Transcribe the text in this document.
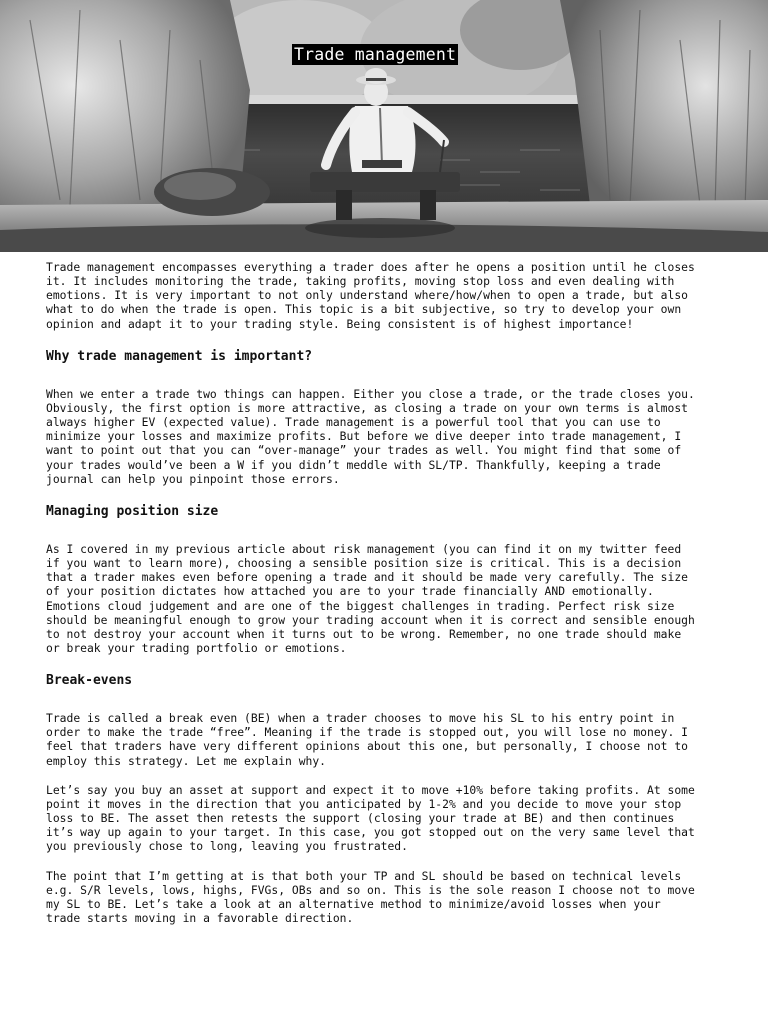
Trade management

Trade management encompasses everything a trader does after he opens a position until he closes
it. It includes monitoring the trade, taking profits, moving stop loss and even dealing with
emotions. It is very important to not only understand where/how/when to open a trade, but also
what to do when the trade is open. This topic is a bit subjective, so try to develop your own
opinion and adapt it to your trading style. Being consistent is of highest importance!

Why trade management is important?

When we enter a trade two things can happen. Either you close a trade, or the trade closes you.
Obviously, the first option is more attractive, as closing a trade on your own terms is almost
always higher EV (expected value). Trade management is a powerful tool that you can use to
minimize your losses and maximize profits. But before we dive deeper into trade management, I
want to point out that you can “over-manage” your trades as well. You might find that some of
your trades would’ve been a W if you didn’t meddle with SL/TP. Thankfully, keeping a trade
journal can help you pinpoint those errors.

Managing position size

As I covered in my previous article about risk management (you can find it on my twitter feed
if you want to learn more), choosing a sensible position size is critical. This is a decision
that a trader makes even before opening a trade and it should be made very carefully. The size
of your position dictates how attached you are to your trade financially AND emotionally.
Emotions cloud judgement and are one of the biggest challenges in trading. Perfect risk size
should be meaningful enough to grow your trading account when it is correct and sensible enough
to not destroy your account when it turns out to be wrong. Remember, no one trade should make
or break your trading portfolio or emotions.

Break-evens

Trade is called a break even (BE) when a trader chooses to move his SL to his entry point in
order to make the trade “free”. Meaning if the trade is stopped out, you will lose no money. I
feel that traders have very different opinions about this one, but personally, I choose not to
employ this strategy. Let me explain why.

Let’s say you buy an asset at support and expect it to move +10% before taking profits. At some
point it moves in the direction that you anticipated by 1-2% and you decide to move your stop
loss to BE. The asset then retests the support (closing your trade at BE) and then continues
it’s way up again to your target. In this case, you got stopped out on the very same level that
you previously chose to long, leaving you frustrated.

The point that I’m getting at is that both your TP and SL should be based on technical levels
e.g. S/R levels, lows, highs, FVGs, OBs and so on. This is the sole reason I choose not to move
my SL to BE. Let’s take a look at an alternative method to minimize/avoid losses when your
trade starts moving in a favorable direction.
